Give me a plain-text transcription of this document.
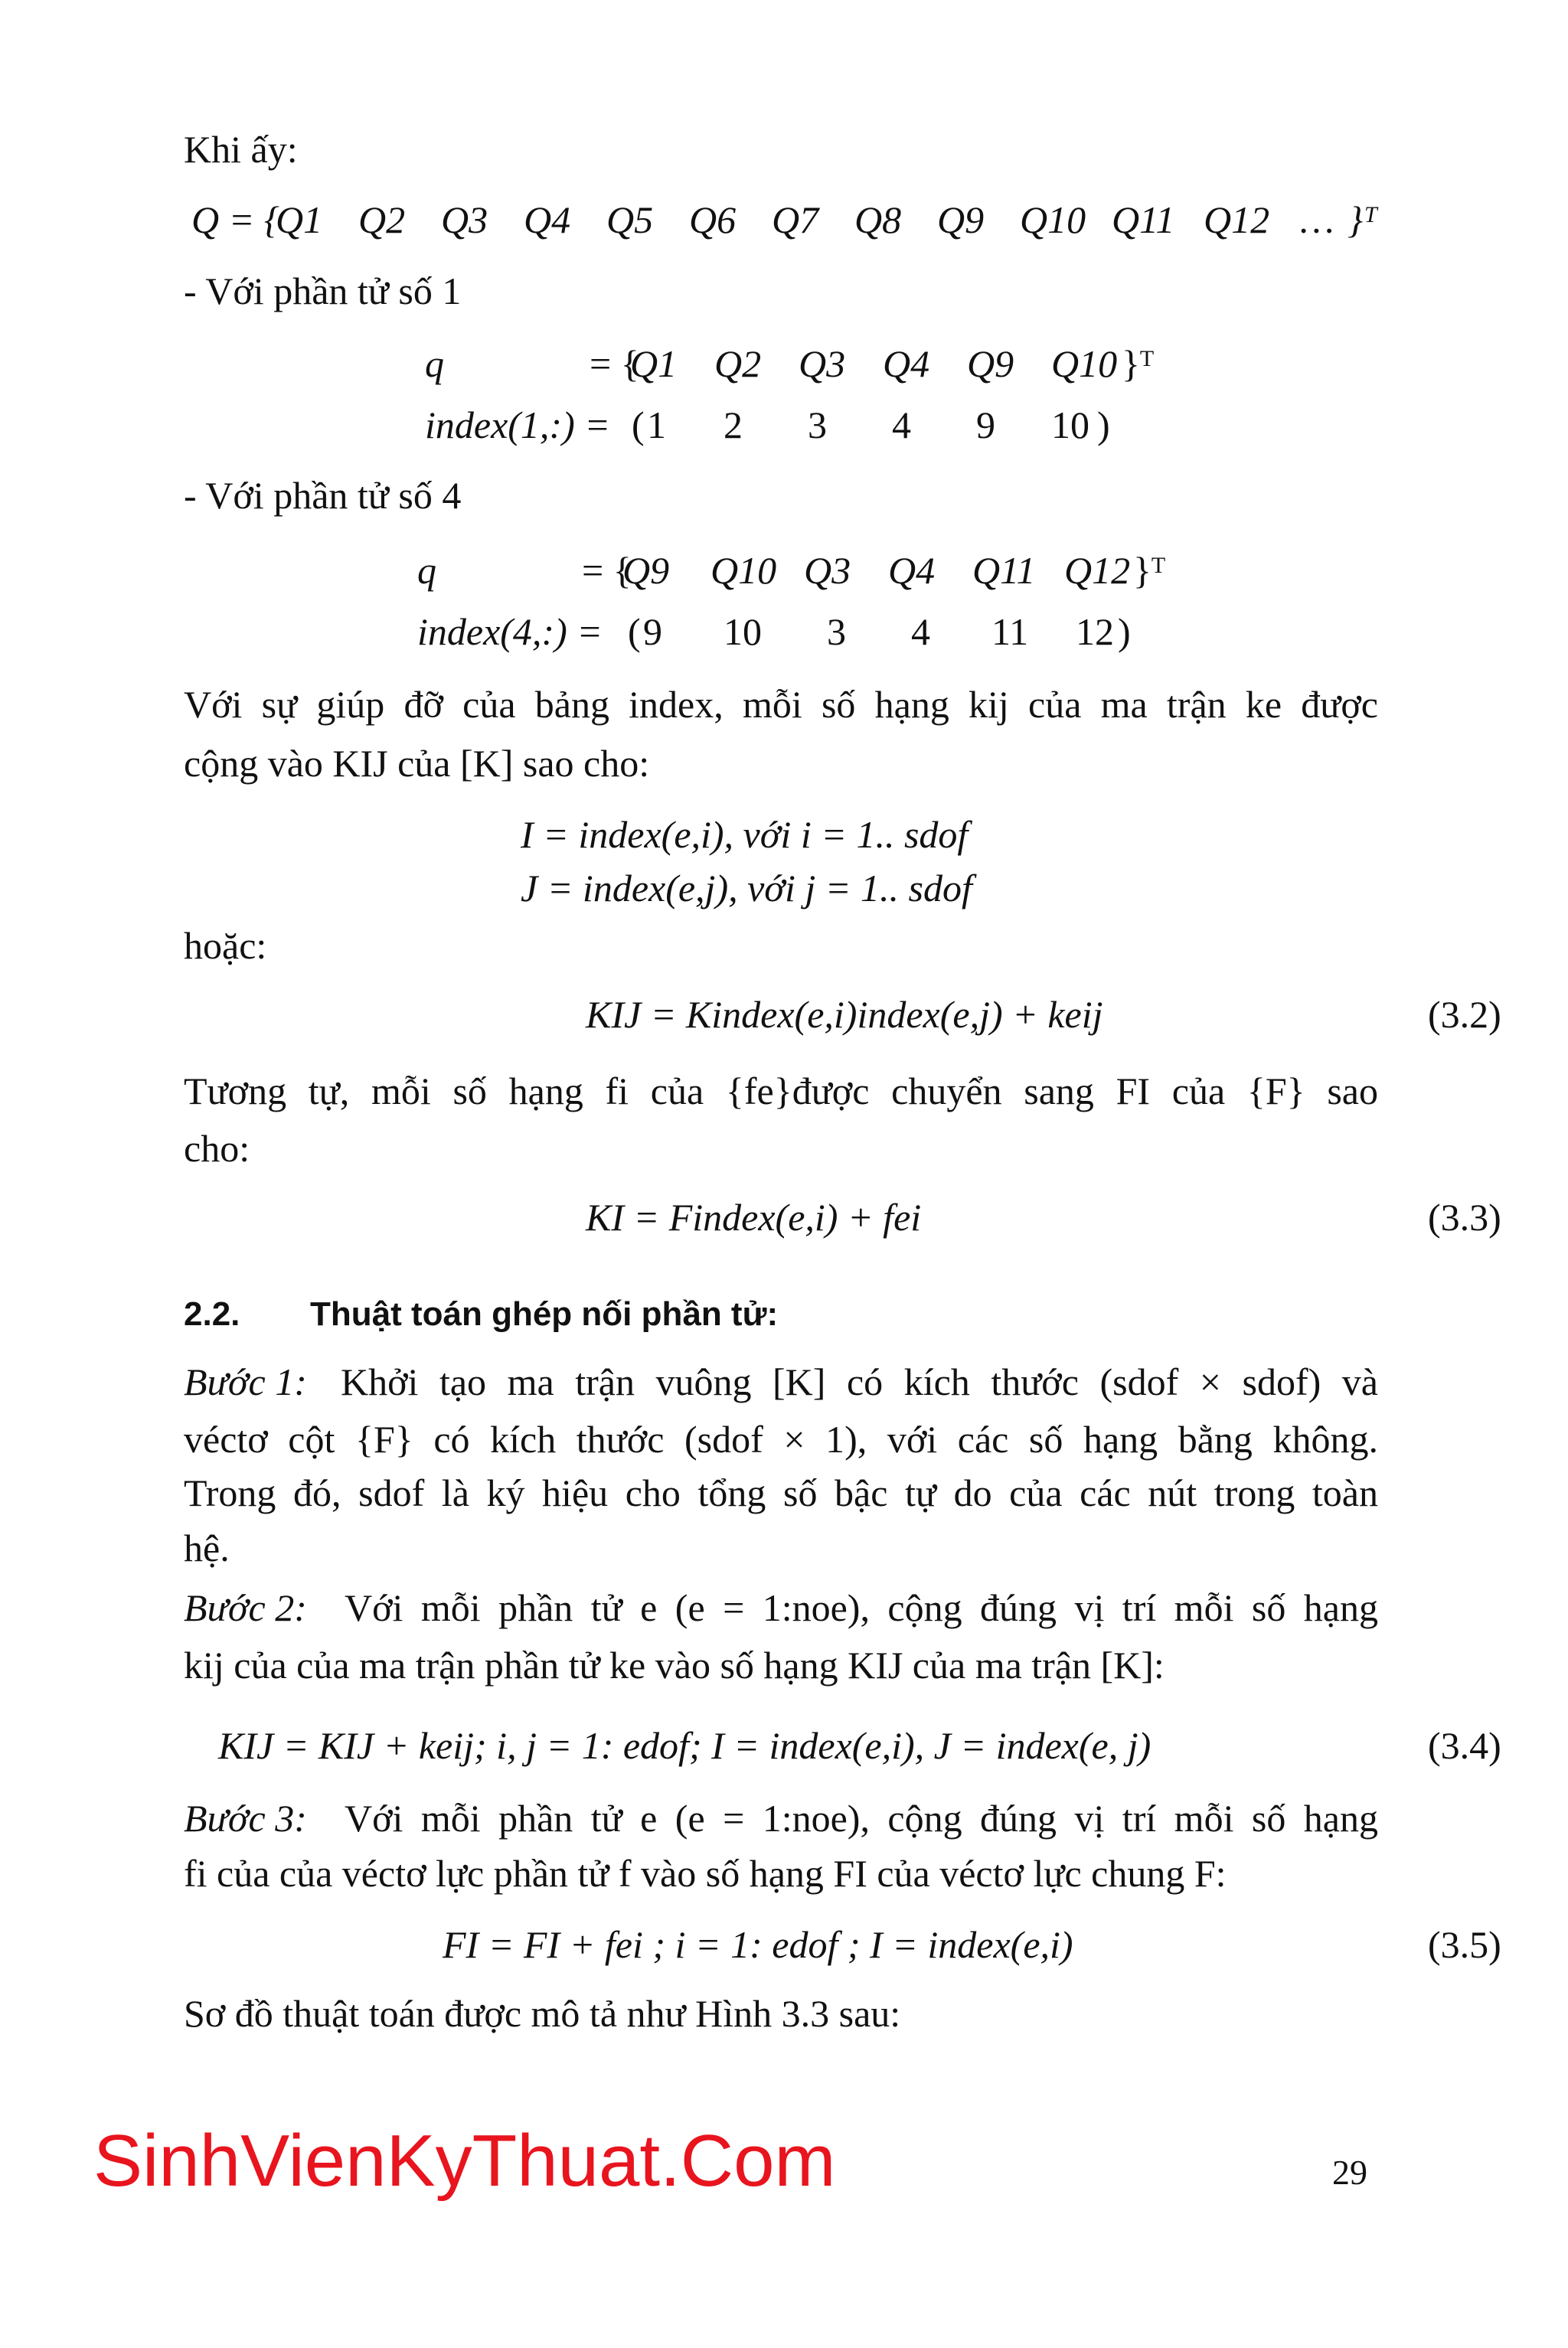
Khi ấy:
Q = {
Q1 Q2 Q3 Q4 Q5 Q6 Q7 Q8 Q9 Q10 Q11 Q12 … }ᵀ
- Với phần tử số 1
q	= {
Q1 Q2 Q3 Q4 Q9 Q10 }ᵀ
index(1,:) = ( 1 2 3 4 9 10 )
- Với phần tử số 4
q	= {
Q9 Q10 Q3 Q4 Q11 Q12 }ᵀ
index(4,:) = ( 9 10 3 4 11 12 )
Với sự giúp đỡ của bảng index, mỗi số hạng kij của ma trận ke được
cộng vào KIJ của [K] sao cho:
I = index(e,i), với i = 1.. sdof
J = index(e,j), với j = 1.. sdof
hoặc:
KIJ = Kindex(e,i)index(e,j) + keij	(3.2)
Tương tự, mỗi số hạng fi của {fe}được chuyển sang FI của {F} sao
cho:
KI = Findex(e,i) + fei	(3.3)
2.2. Thuật toán ghép nối phần tử:
Bước 1: Khởi tạo ma trận vuông [K] có kích thước (sdof × sdof) và
véctơ cột {F} có kích thước (sdof × 1), với các số hạng bằng không.
Trong đó, sdof là ký hiệu cho tổng số bậc tự do của các nút trong toàn
hệ.
Bước 2: Với mỗi phần tử e (e = 1:noe), cộng đúng vị trí mỗi số hạng
kij của của ma trận phần tử ke vào số hạng KIJ của ma trận [K]:
KIJ = KIJ + keij; i, j = 1: edof; I = index(e,i), J = index(e, j)	(3.4)
Bước 3: Với mỗi phần tử e (e = 1:noe), cộng đúng vị trí mỗi số hạng
fi của của véctơ lực phần tử f vào số hạng FI của véctơ lực chung F:
FI = FI + fei ; i = 1: edof ; I = index(e,i)	(3.5)
Sơ đồ thuật toán được mô tả như Hình 3.3 sau:
SinhVienKyThuat.Com	29
